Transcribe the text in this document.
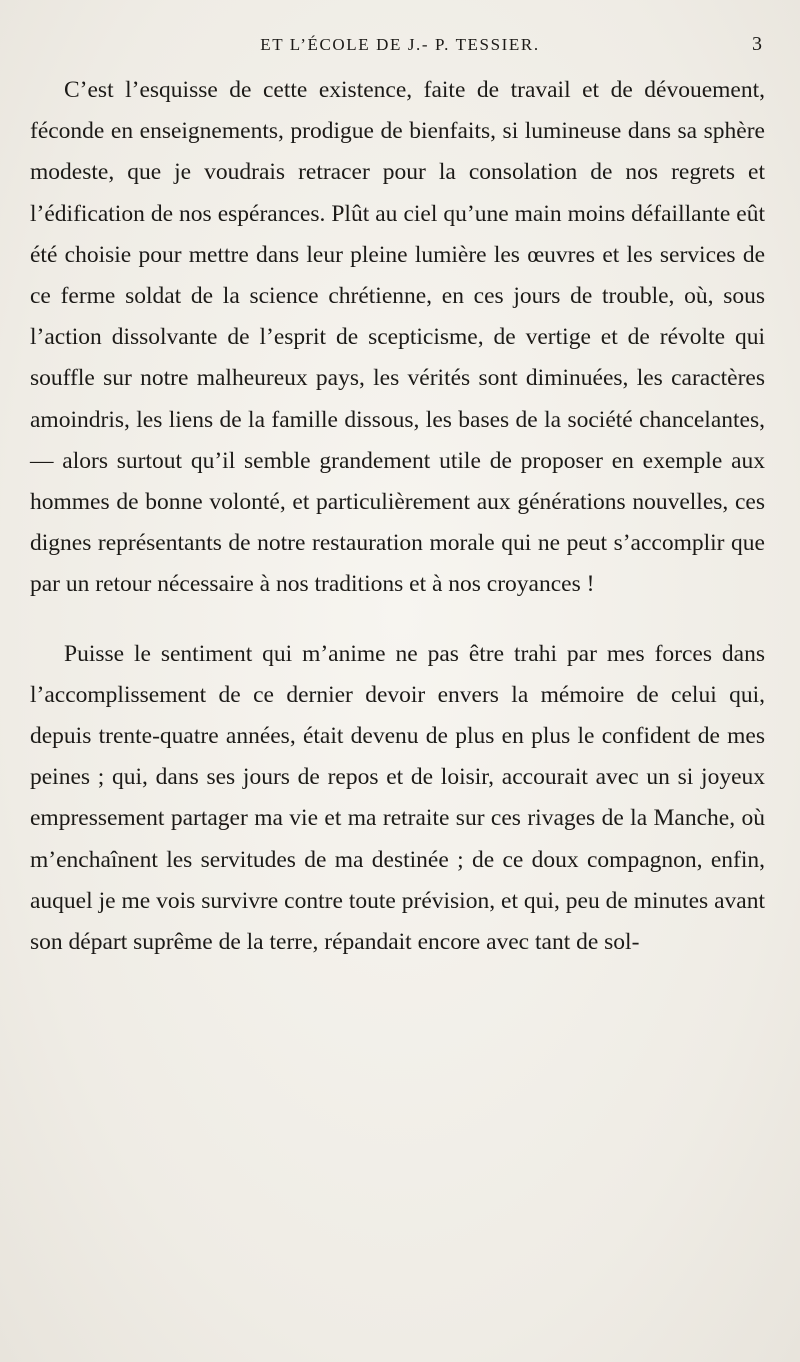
ET L’ÉCOLE DE J.- P. TESSIER.	3

C’est l’esquisse de cette existence, faite de travail et de dévouement, féconde en enseignements, prodigue de bienfaits, si lumineuse dans sa sphère modeste, que je voudrais retracer pour la consolation de nos regrets et l’édification de nos espérances. Plût au ciel qu’une main moins défaillante eût été choisie pour mettre dans leur pleine lumière les œuvres et les services de ce ferme soldat de la science chrétienne, en ces jours de trouble, où, sous l’action dissolvante de l’esprit de scepticisme, de vertige et de révolte qui souffle sur notre malheureux pays, les vérités sont diminuées, les caractères amoindris, les liens de la famille dissous, les bases de la société chancelantes, — alors surtout qu’il semble grandement utile de proposer en exemple aux hommes de bonne volonté, et particulièrement aux générations nouvelles, ces dignes représentants de notre restauration morale qui ne peut s’accomplir que par un retour nécessaire à nos traditions et à nos croyances !

Puisse le sentiment qui m’anime ne pas être trahi par mes forces dans l’accomplissement de ce dernier devoir envers la mémoire de celui qui, depuis trente-quatre années, était devenu de plus en plus le confident de mes peines ; qui, dans ses jours de repos et de loisir, accourait avec un si joyeux empressement partager ma vie et ma retraite sur ces rivages de la Manche, où m’enchaînent les servitudes de ma destinée ; de ce doux compagnon, enfin, auquel je me vois survivre contre toute prévision, et qui, peu de minutes avant son départ suprême de la terre, répandait encore avec tant de sol-
